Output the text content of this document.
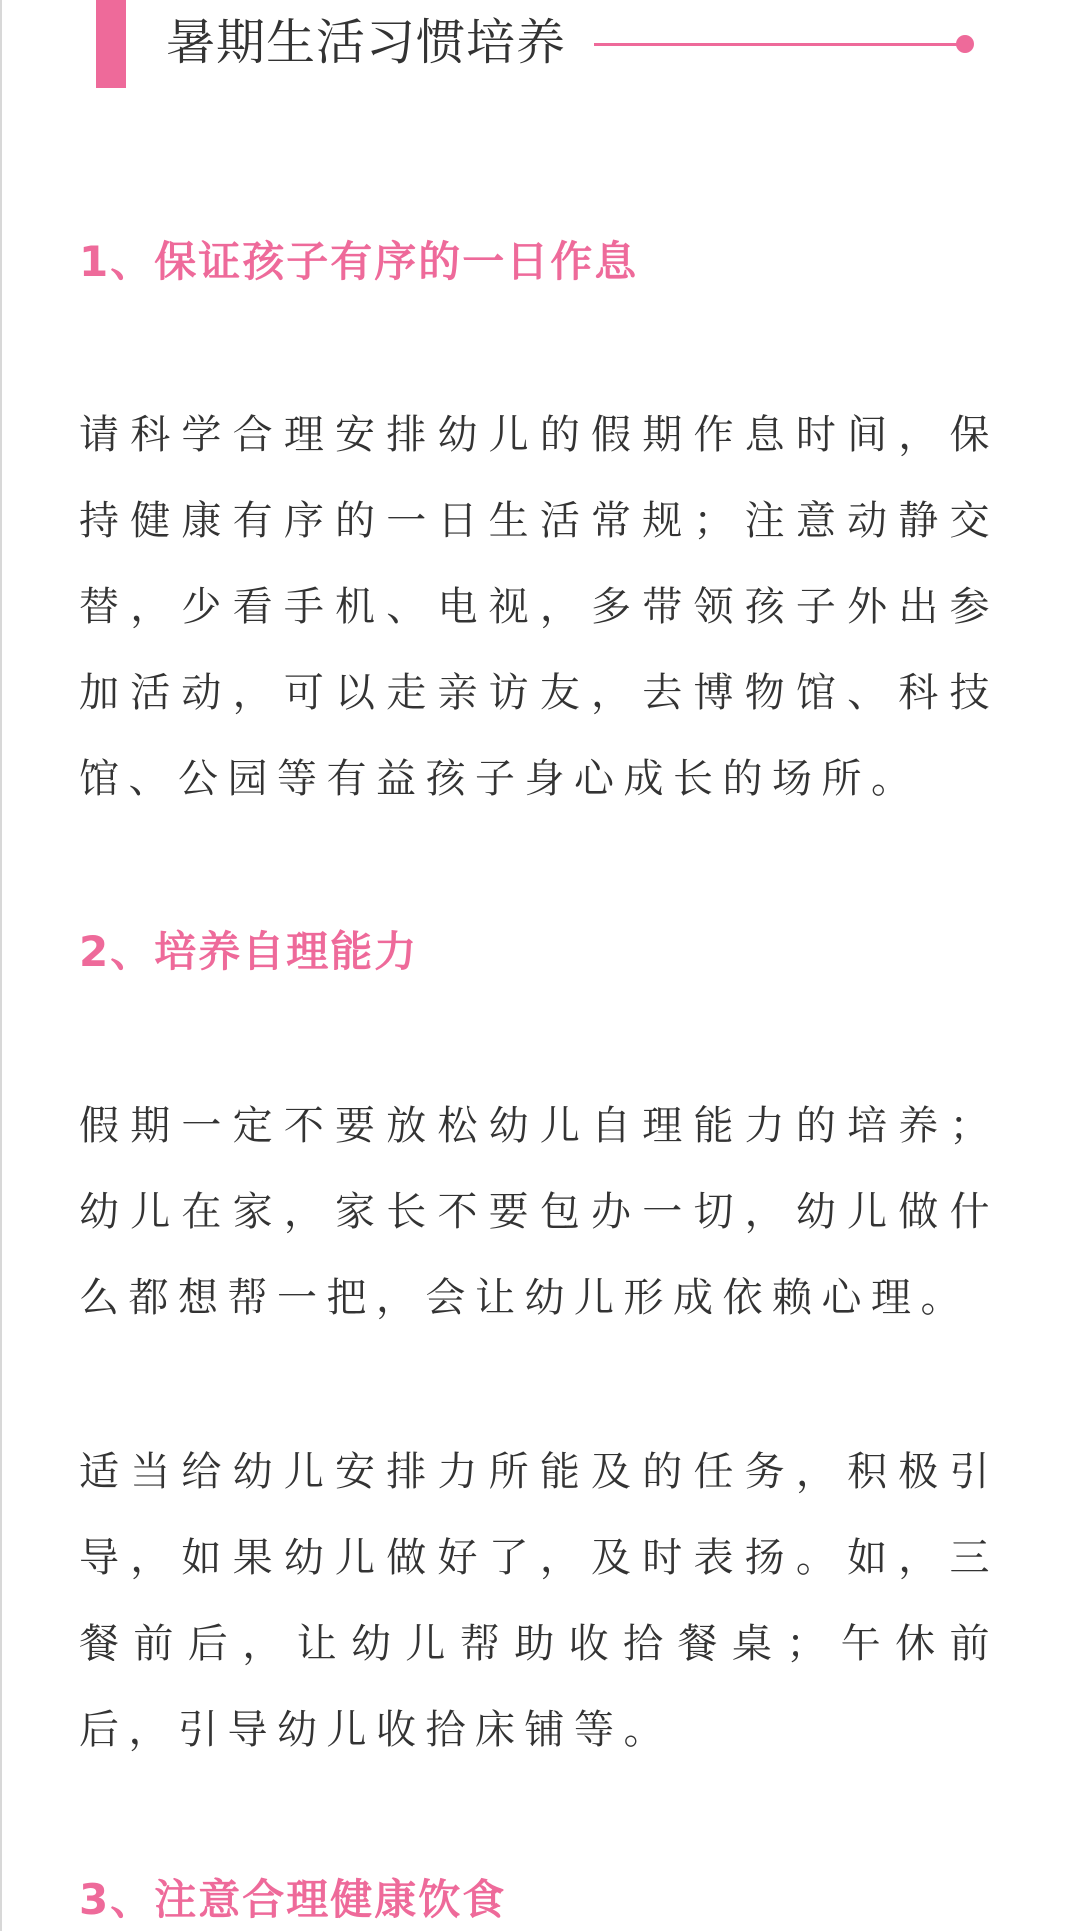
暑期生活习惯培养
1、保证孩子有序的一日作息

请科学合理安排幼儿的假期作息时间，保持健康有序的一日生活常规；注意动静交替，少看手机、电视，多带领孩子外出参加活动，可以走亲访友，去博物馆、科技馆、公园等有益孩子身心成长的场所。

2、培养自理能力

假期一定不要放松幼儿自理能力的培养；幼儿在家，家长不要包办一切，幼儿做什么都想帮一把，会让幼儿形成依赖心理。

适当给幼儿安排力所能及的任务，积极引导，如果幼儿做好了，及时表扬。如，三餐前后，让幼儿帮助收拾餐桌；午休前后，引导幼儿收拾床铺等。

3、注意合理健康饮食
